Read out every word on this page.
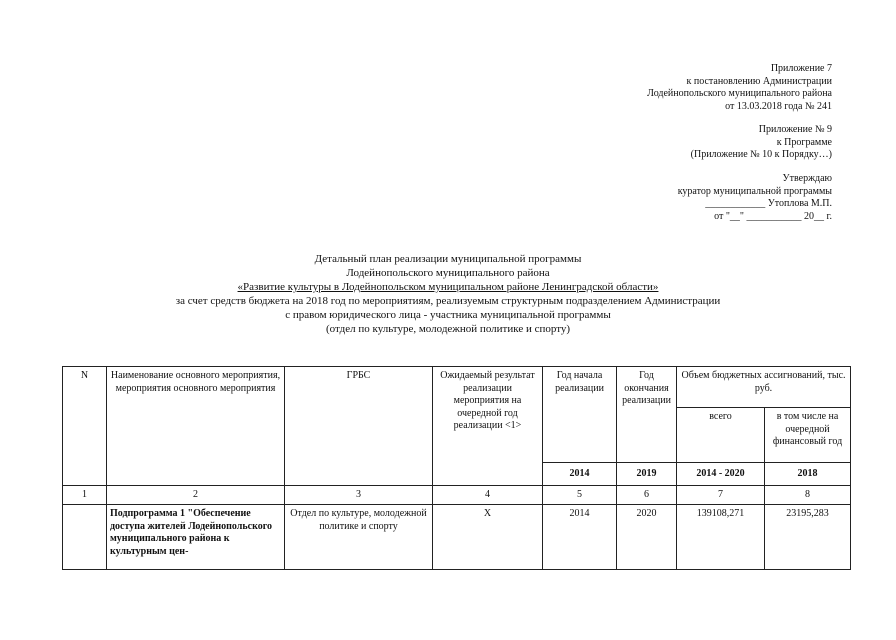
Приложение 7
к постановлению Администрации
Лодейнопольского муниципального района
от 13.03.2018 года № 241
Приложение № 9
к Программе
(Приложение № 10 к Порядку…)
Утверждаю
куратор муниципальной программы
____________ Утоплова М.П.
от "__" ___________ 20__ г.
Детальный план реализации муниципальной программы
Лодейнопольского муниципального района
«Развитие культуры в Лодейнопольском муниципальном районе Ленинградской области»
за счет средств бюджета на 2018 год по мероприятиям, реализуемым структурным подразделением Администрации
с правом юридического лица - участника муниципальной программы
(отдел по культуре, молодежной политике и спорту)
N	Наименование основного мероприятия, мероприятия основного мероприятия	ГРБС	Ожидаемый результат реализации мероприятия на очередной год реализации <1>	Год начала реализации	Год окончания реализации	Объем бюджетных ассигнований, тыс. руб.	
						всего	в том числе на очередной финансовый год
				2014	2019	2014 - 2020	2018
1	2	3	4	5	6	7	8
	Подпрограмма 1 "Обеспечение доступа жителей Лодейнопольского муниципального района к культурным цен-	Отдел по культуре, молодежной политике и спорту	X	2014	2020	139108,271	23195,283
